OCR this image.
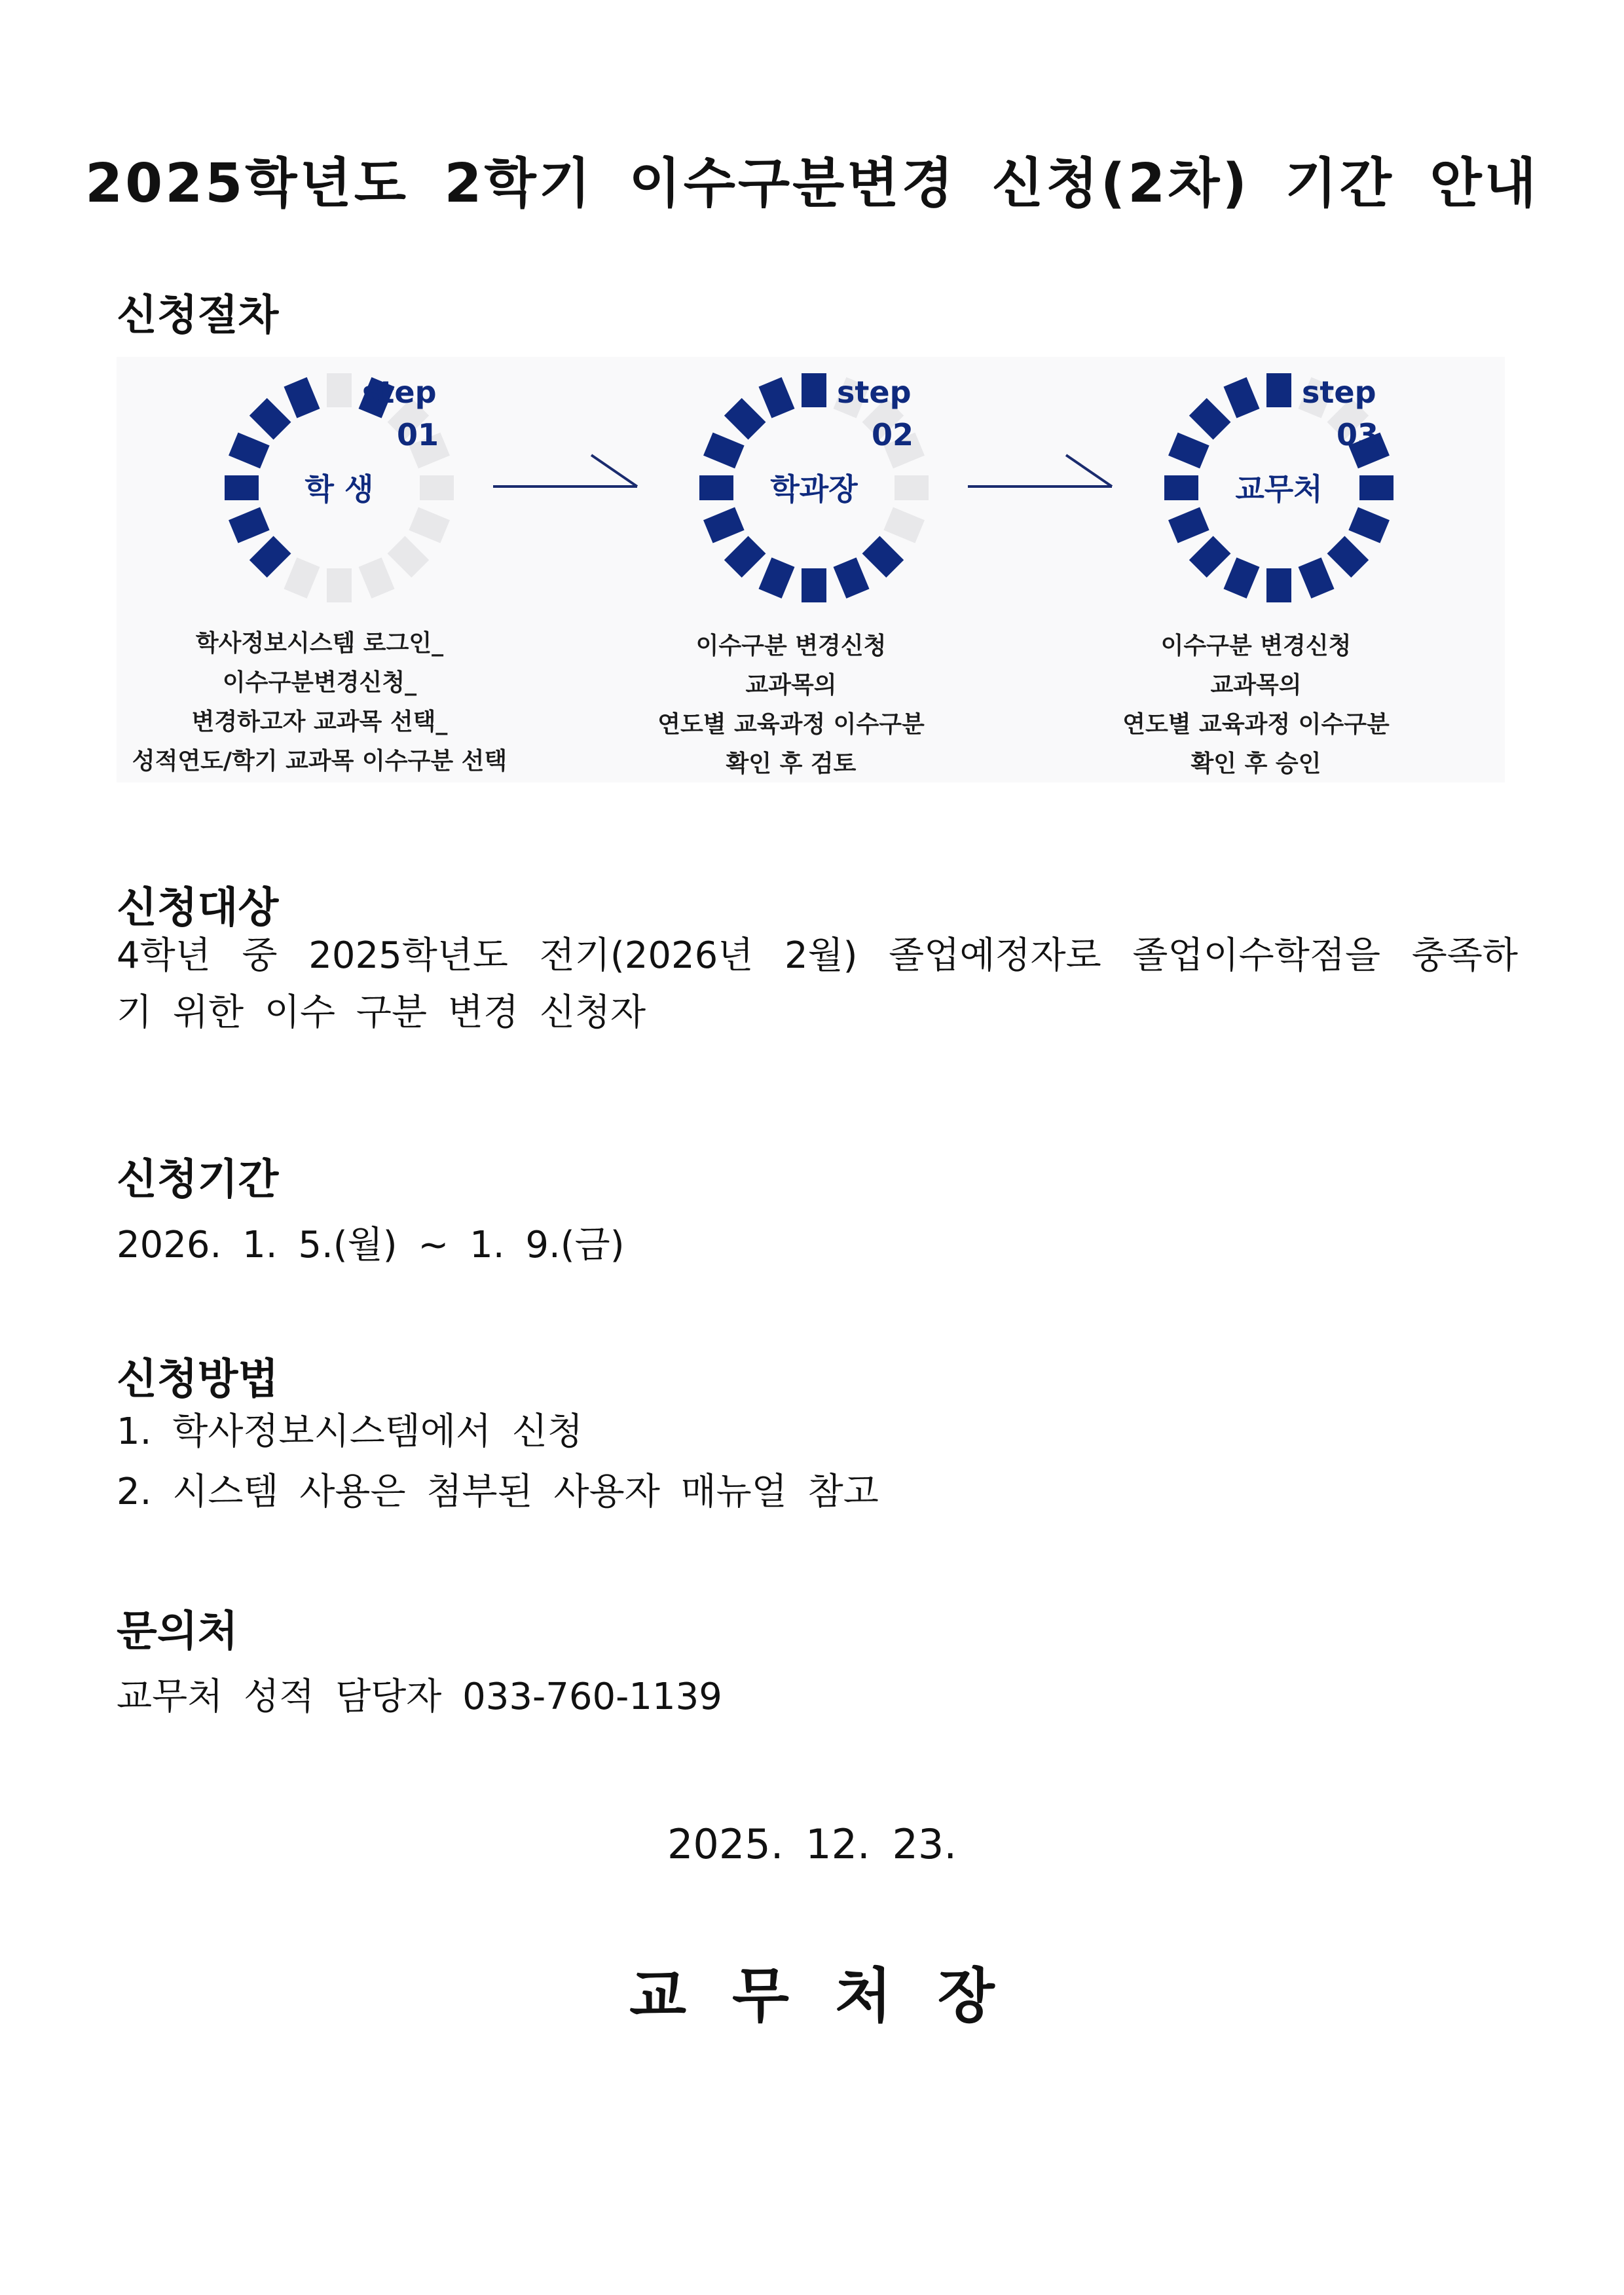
2025학년도 2학기 이수구분변경 신청(2차) 기간 안내
신청절차
학 생
step
01
학과장
step
02
교무처
step
03
학사정보시스템 로그인_
이수구분변경신청_
변경하고자 교과목 선택_
성적연도/학기 교과목 이수구분 선택
이수구분 변경신청
교과목의
연도별 교육과정 이수구분
확인 후 검토
이수구분 변경신청
교과목의
연도별 교육과정 이수구분
확인 후 승인
신청대상
4학년 중 2025학년도 전기(2026년 2월) 졸업예정자로 졸업이수학점을 충족하
기 위한 이수 구분 변경 신청자
신청기간
2026. 1. 5.(월) ~ 1. 9.(금)
신청방법
1. 학사정보시스템에서 신청
2. 시스템 사용은 첨부된 사용자 매뉴얼 참고
문의처
교무처 성적 담당자 033-760-1139
2025. 12. 23.
교무처장
